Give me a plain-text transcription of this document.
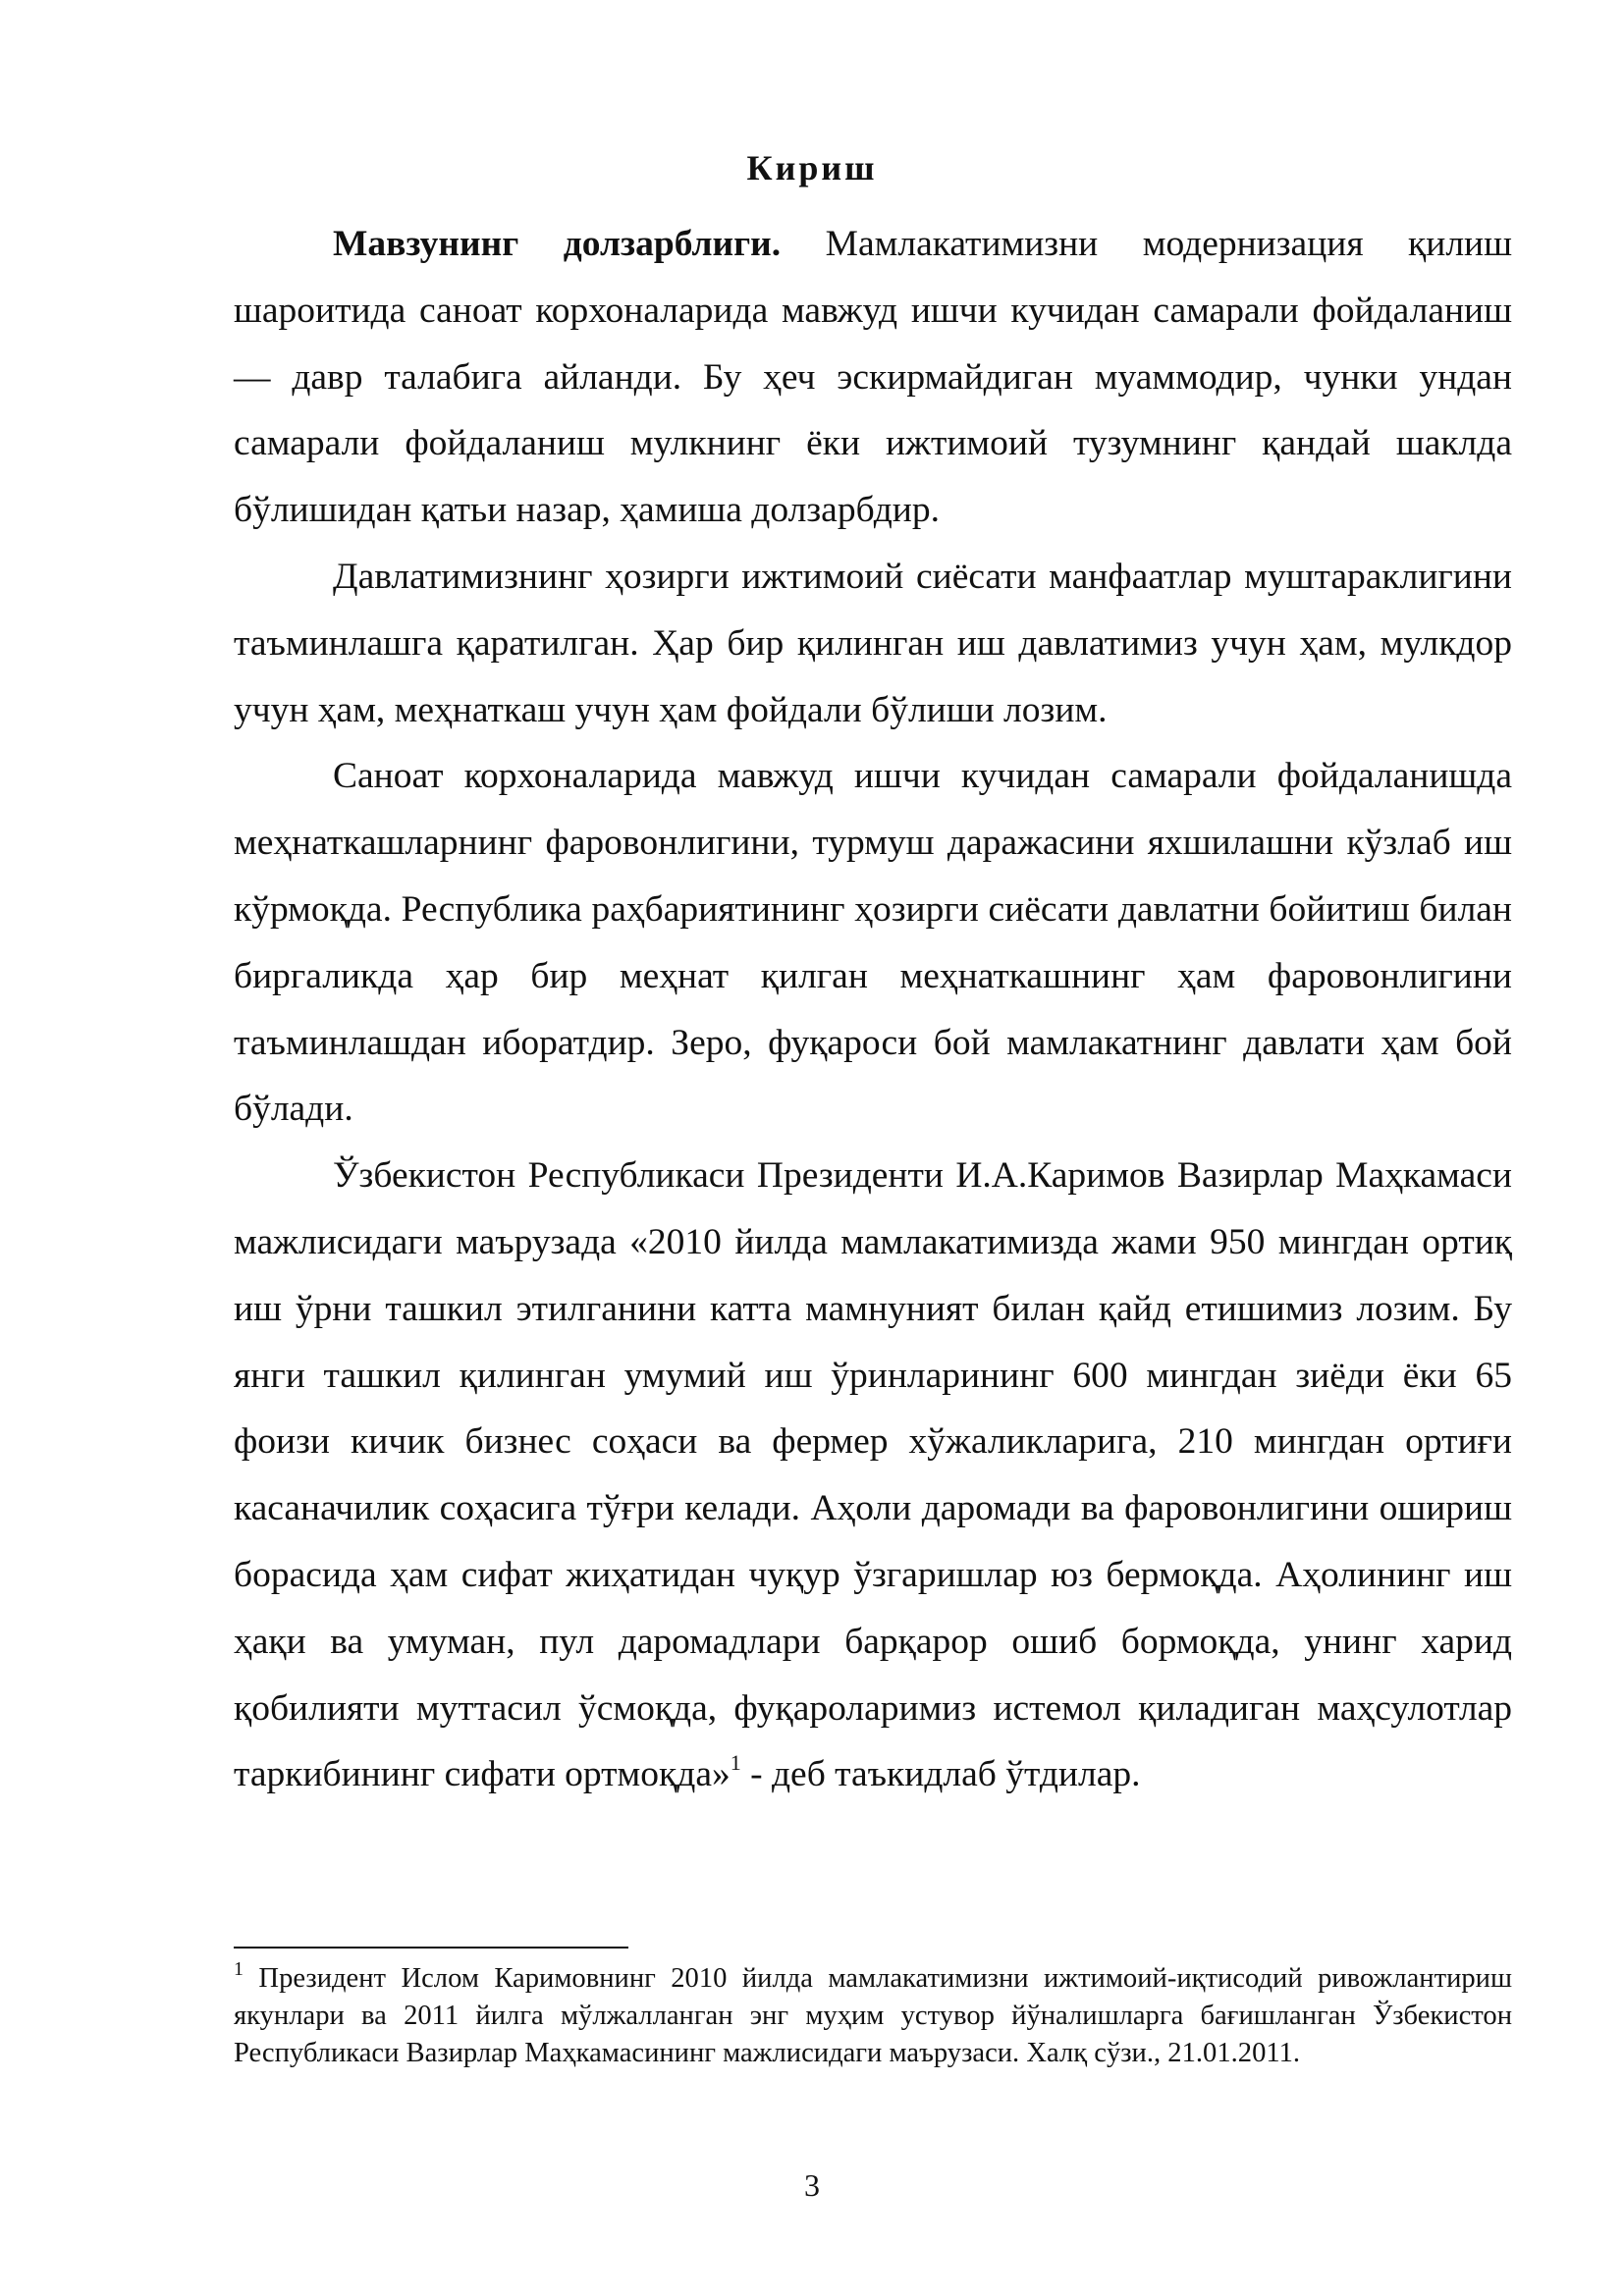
Кириш

Мавзунинг долзарблиги. Мамлакатимизни модернизация қилиш шароитида саноат корхоналарида мавжуд ишчи кучидан самарали фойдаланиш — давр талабига айланди. Бу ҳеч эскирмайдиган муаммодир, чунки ундан самарали фойдаланиш мулкнинг ёки ижтимоий тузумнинг қандай шаклда бўлишидан қатьи назар, ҳамиша долзарбдир.

Давлатимизнинг ҳозирги ижтимоий сиёсати манфаатлар муштараклигини таъминлашга қаратилган. Ҳар бир қилинган иш давлатимиз учун ҳам, мулкдор учун ҳам, меҳнаткаш учун ҳам фойдали бўлиши лозим.

Саноат корхоналарида мавжуд ишчи кучидан самарали фойдаланишда меҳнаткашларнинг фаровонлигини, турмуш даражасини яхшилашни кўзлаб иш кўрмоқда. Республика раҳбариятининг ҳозирги сиёсати давлатни бойитиш билан биргаликда ҳар бир меҳнат қилган меҳнаткашнинг ҳам фаровонлигини таъминлашдан иборатдир. Зеро, фуқароси бой мамлакатнинг давлати ҳам бой бўлади.

Ўзбекистон Республикаси Президенти И.А.Каримов Вазирлар Маҳкамаси мажлисидаги маърузада «2010 йилда мамлакатимизда жами 950 мингдан ортиқ иш ўрни ташкил этилганини катта мамнуният билан қайд етишимиз лозим. Бу янги ташкил қилинган умумий иш ўринларининг 600 мингдан зиёди ёки 65 фоизи кичик бизнес соҳаси ва фермер хўжаликларига, 210 мингдан ортиғи касаначилик соҳасига тўғри келади. Аҳоли даромади ва фаровонлигини ошириш борасида ҳам сифат жиҳатидан чуқур ўзгаришлар юз бермоқда. Аҳолининг иш ҳақи ва умуман, пул даромадлари барқарор ошиб бормоқда, унинг харид қобилияти муттасил ўсмоқда, фуқароларимиз истемол қиладиган маҳсулотлар таркибининг сифати ортмоқда»$^1$ - деб таъкидлаб ўтдилар.

$^1$ Президент Ислом Каримовнинг 2010 йилда мамлакатимизни ижтимоий-иқтисодий ривожлантириш якунлари ва 2011 йилга мўлжалланган энг муҳим устувор йўналишларга бағишланган Ўзбекистон Республикаси Вазирлар Маҳкамасининг мажлисидаги маърузаси. Халқ сўзи., 21.01.2011.

3
